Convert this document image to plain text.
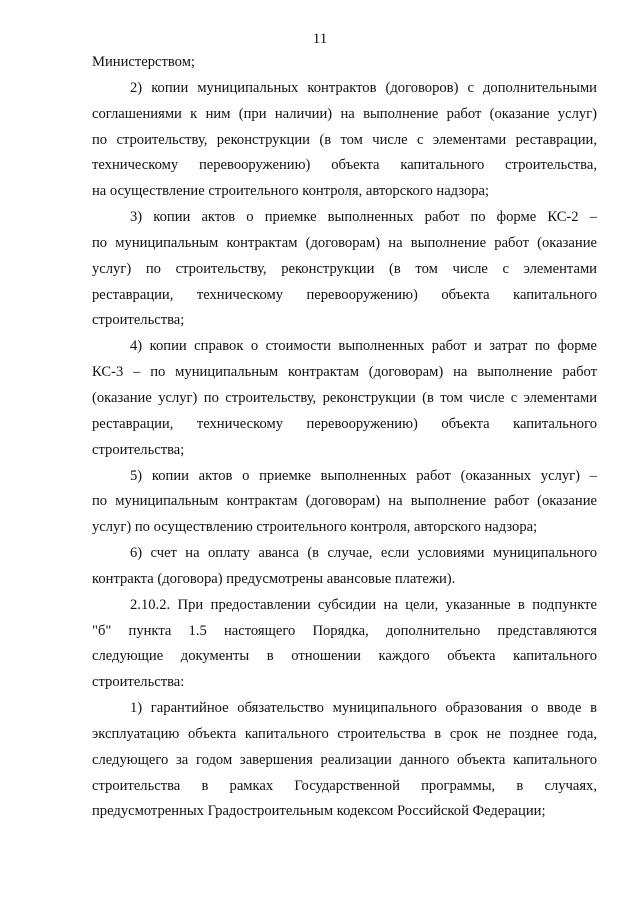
11
Министерством;
2) копии муниципальных контрактов (договоров) с дополнительными
соглашениями к ним (при наличии) на выполнение работ (оказание услуг)
по строительству, реконструкции (в том числе с элементами реставрации,
техническому перевооружению) объекта капитального строительства,
на осуществление строительного контроля, авторского надзора;
3) копии актов о приемке выполненных работ по форме КС-2 –
по муниципальным контрактам (договорам) на выполнение работ (оказание
услуг) по строительству, реконструкции (в том числе с элементами
реставрации, техническому перевооружению) объекта капитального
строительства;
4) копии справок о стоимости выполненных работ и затрат по форме
КС-3 – по муниципальным контрактам (договорам) на выполнение работ
(оказание услуг) по строительству, реконструкции (в том числе с элементами
реставрации, техническому перевооружению) объекта капитального
строительства;
5) копии актов о приемке выполненных работ (оказанных услуг) –
по муниципальным контрактам (договорам) на выполнение работ (оказание
услуг) по осуществлению строительного контроля, авторского надзора;
6) счет на оплату аванса (в случае, если условиями муниципального
контракта (договора) предусмотрены авансовые платежи).
2.10.2. При предоставлении субсидии на цели, указанные в подпункте
"б" пункта 1.5 настоящего Порядка, дополнительно представляются
следующие документы в отношении каждого объекта капитального
строительства:
1) гарантийное обязательство муниципального образования о вводе в
эксплуатацию объекта капитального строительства в срок не позднее года,
следующего за годом завершения реализации данного объекта капитального
строительства в рамках Государственной программы, в случаях,
предусмотренных Градостроительным кодексом Российской Федерации;
